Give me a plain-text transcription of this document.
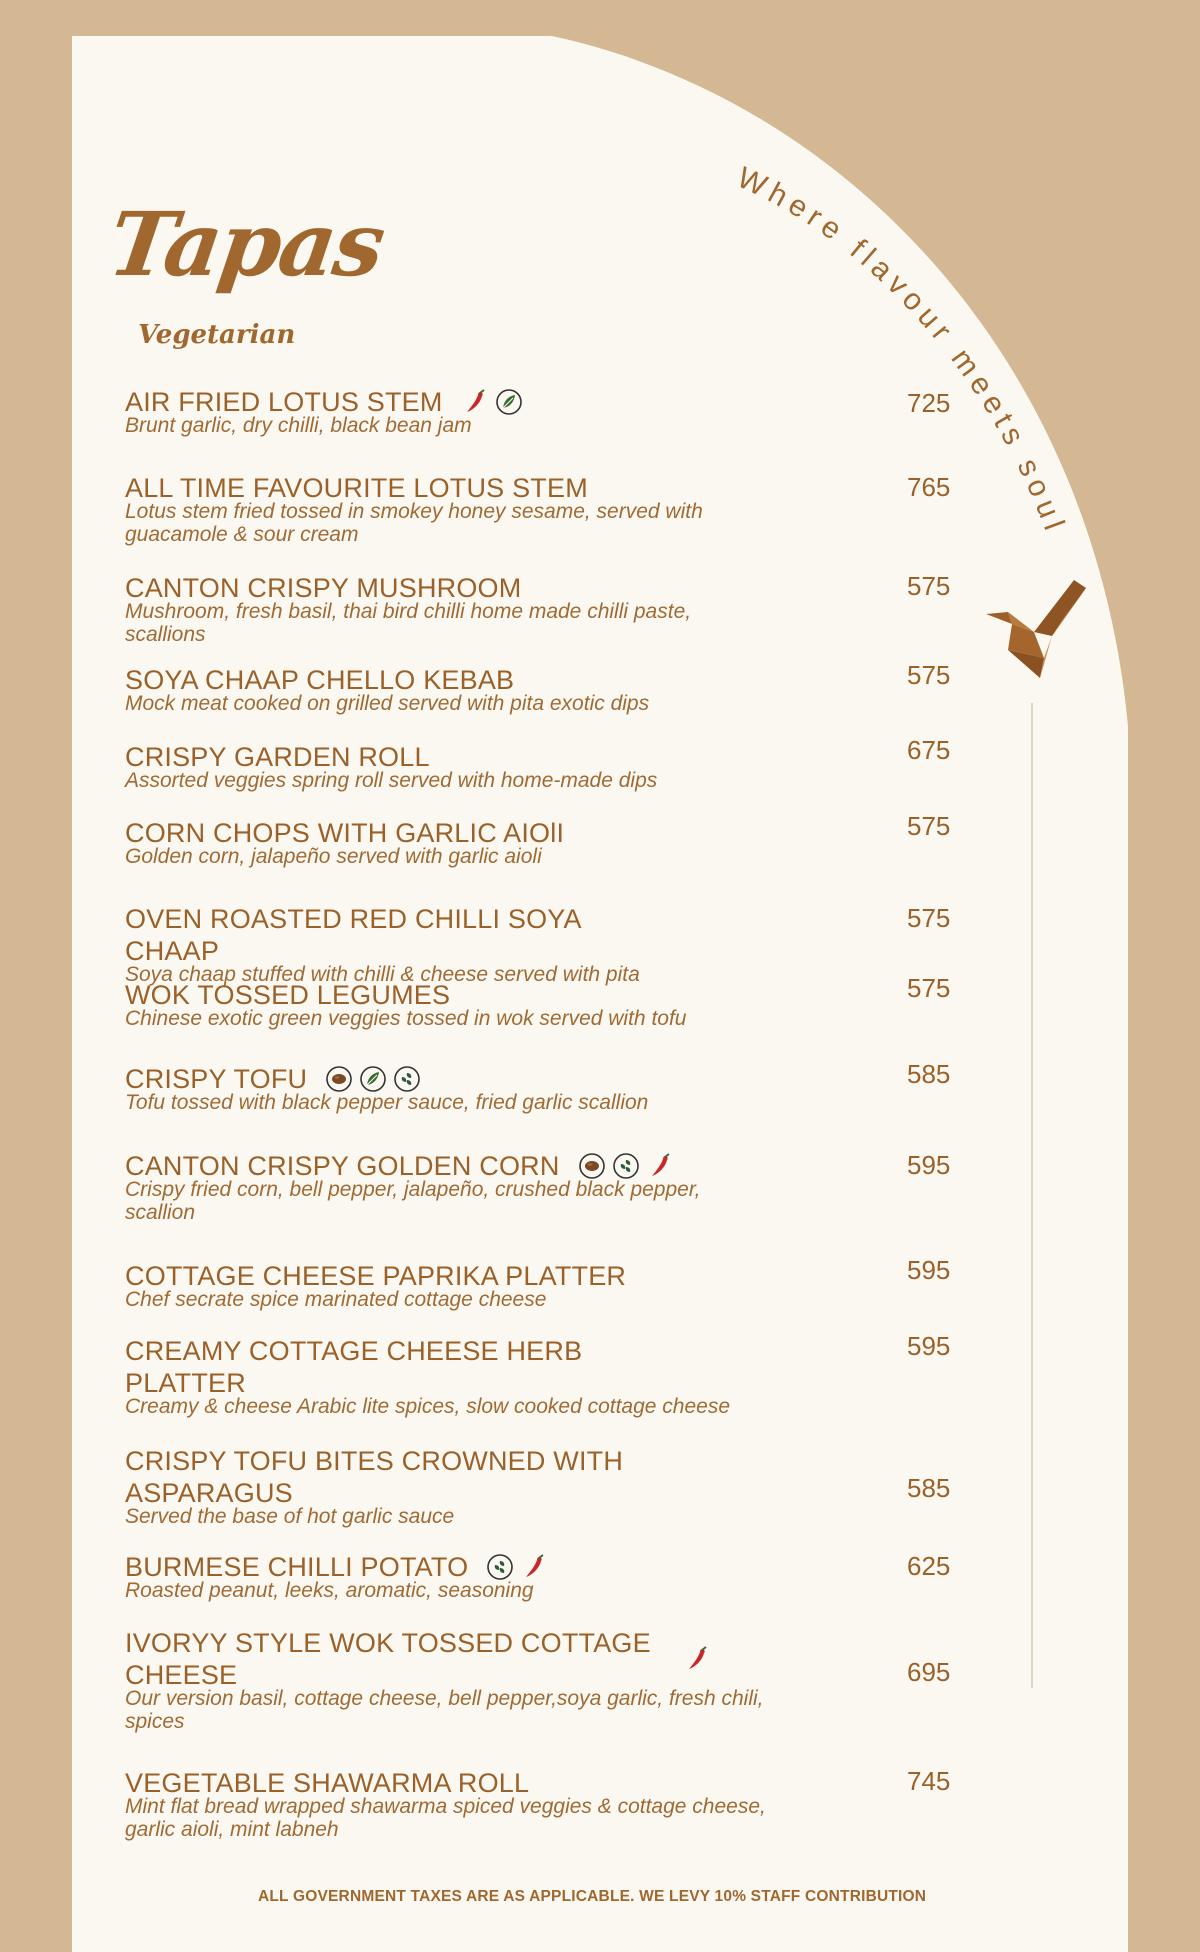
Where flavour meets soul
Tapas
Vegetarian
AIR FRIED LOTUS STEM
Brunt garlic, dry chilli, black bean jam
725
ALL TIME FAVOURITE LOTUS STEM
Lotus stem fried tossed in smokey honey sesame, served with guacamole & sour cream
765
CANTON CRISPY MUSHROOM
Mushroom, fresh basil, thai bird chilli home made chilli paste, scallions
575
SOYA CHAAP CHELLO KEBAB
Mock meat cooked on grilled served with pita exotic dips
575
CRISPY GARDEN ROLL
Assorted veggies spring roll served with home-made dips
675
CORN CHOPS WITH GARLIC AIOlI
Golden corn, jalapeño served with garlic aioli
575
OVEN ROASTED RED CHILLI SOYA CHAAP
Soya chaap stuffed with chilli & cheese served with pita
575
WOK TOSSED LEGUMES
Chinese exotic green veggies tossed in wok served with tofu
575
CRISPY TOFU
Tofu tossed with black pepper sauce, fried garlic scallion
585
CANTON CRISPY GOLDEN CORN
Crispy fried corn, bell pepper, jalapeño, crushed black pepper, scallion
595
COTTAGE CHEESE PAPRIKA PLATTER
Chef secrate spice marinated cottage cheese
595
CREAMY COTTAGE CHEESE HERB PLATTER
Creamy & cheese Arabic lite spices, slow cooked cottage cheese
595
CRISPY TOFU BITES CROWNED WITH ASPARAGUS
Served the base of hot garlic sauce
585
BURMESE CHILLI POTATO
Roasted peanut, leeks, aromatic, seasoning
625
IVORYY STYLE WOK TOSSED COTTAGE CHEESE
Our version basil, cottage cheese, bell pepper,soya garlic, fresh chili, spices
695
VEGETABLE SHAWARMA ROLL
Mint flat bread wrapped shawarma spiced veggies & cottage cheese, garlic aioli, mint labneh
745
ALL GOVERNMENT TAXES ARE AS APPLICABLE. WE LEVY 10% STAFF CONTRIBUTION
